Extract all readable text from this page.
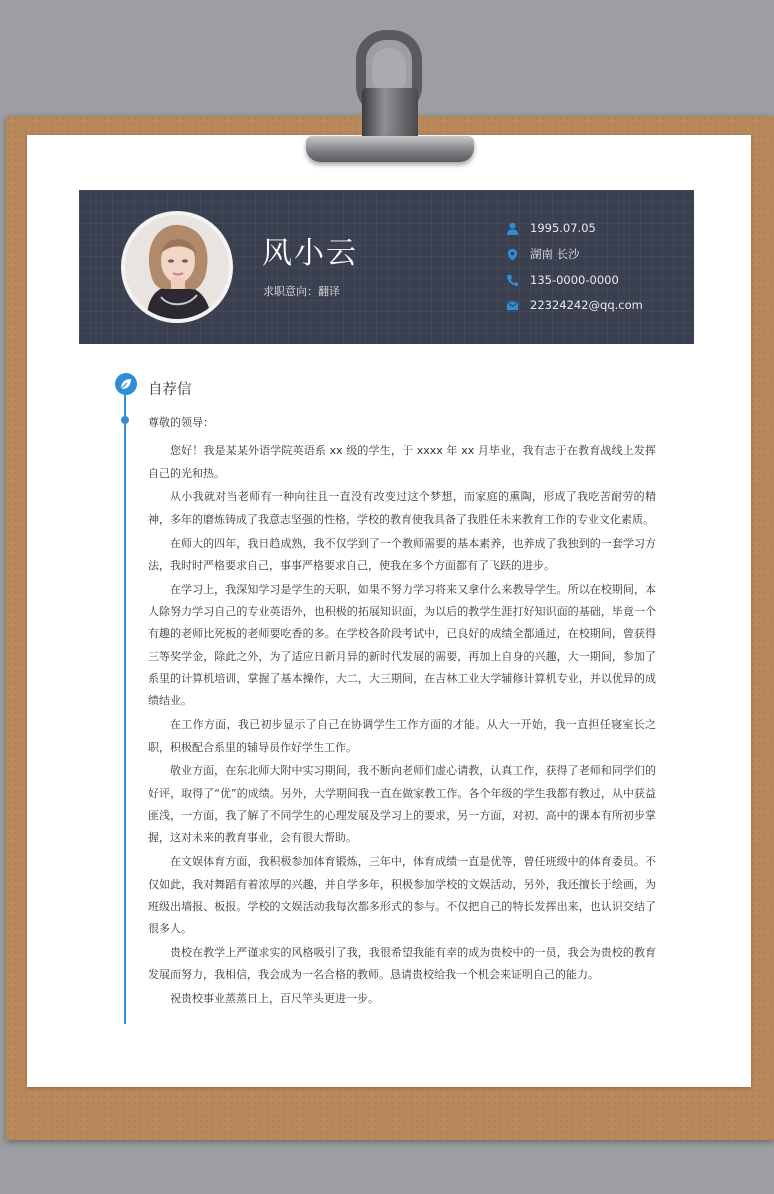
风小云
求职意向：翻译
1995.07.05
湖南 长沙
135-0000-0000
22324242@qq.com
自荐信

尊敬的领导：

您好！我是某某外语学院英语系 xx 级的学生，于 xxxx 年 xx 月毕业，我有志于在教育战线上发挥自己的光和热。

从小我就对当老师有一种向往且一直没有改变过这个梦想，而家庭的熏陶，形成了我吃苦耐劳的精神，多年的磨炼铸成了我意志坚强的性格，学校的教育使我具备了我胜任未来教育工作的专业文化素质。

在师大的四年，我日趋成熟，我不仅学到了一个教师需要的基本素养，也养成了我独到的一套学习方法，我时时严格要求自己，事事严格要求自己，使我在多个方面都有了飞跃的进步。

在学习上，我深知学习是学生的天职，如果不努力学习将来又拿什么来教导学生。所以在校期间，本人除努力学习自己的专业英语外，也积极的拓展知识面，为以后的教学生涯打好知识面的基础，毕竟一个有趣的老师比死板的老师要吃香的多。在学校各阶段考试中，已良好的成绩全都通过，在校期间，曾获得三等奖学金，除此之外，为了适应日新月异的新时代发展的需要，再加上自身的兴趣，大一期间，参加了系里的计算机培训，掌握了基本操作，大二，大三期间，在吉林工业大学辅修计算机专业，并以优异的成绩结业。

在工作方面，我已初步显示了自己在协调学生工作方面的才能。从大一开始，我一直担任寝室长之职，积极配合系里的辅导员作好学生工作。

敬业方面，在东北师大附中实习期间，我不断向老师们虚心请教，认真工作，获得了老师和同学们的好评，取得了“优”的成绩。另外，大学期间我一直在做家教工作。各个年级的学生我都有教过，从中获益匪浅，一方面，我了解了不同学生的心理发展及学习上的要求，另一方面，对初、高中的课本有所初步掌握，这对未来的教育事业，会有很大帮助。

在文娱体育方面，我积极参加体育锻炼，三年中，体育成绩一直是优等，曾任班级中的体育委员。不仅如此，我对舞蹈有着浓厚的兴趣，并自学多年，积极参加学校的文娱活动，另外，我还擅长于绘画，为班级出墙报、板报。学校的文娱活动我每次都多形式的参与。不仅把自己的特长发挥出来，也认识交结了很多人。

贵校在教学上严谨求实的风格吸引了我，我很希望我能有幸的成为贵校中的一员，我会为贵校的教育发展而努力，我相信，我会成为一名合格的教师。恳请贵校给我一个机会来证明自己的能力。

祝贵校事业蒸蒸日上，百尺竿头更进一步。
